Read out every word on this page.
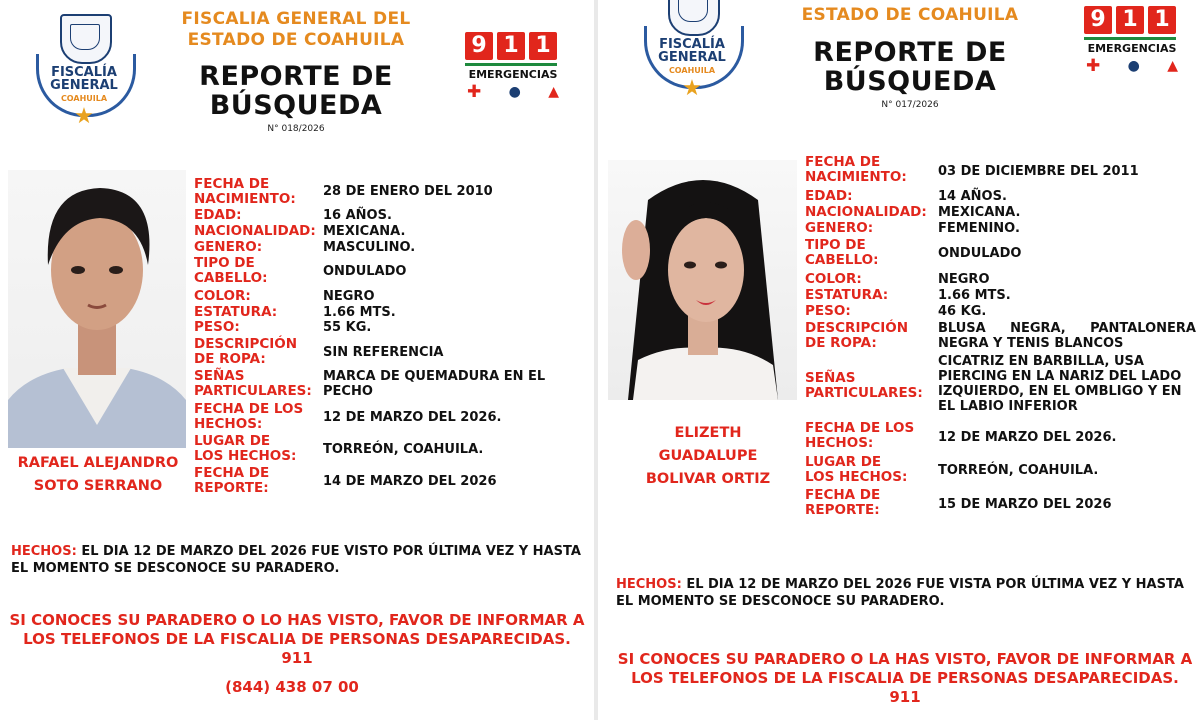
FISCALÍA
GENERAL
COAHUILA
★
FISCALIA GENERAL DEL
ESTADO DE COAHUILA
REPORTE DE
BÚSQUEDA
N° 018/2026
9 1 1
EMERGENCIAS
✚ ● ▲
RAFAEL ALEJANDRO
SOTO SERRANO
FECHA DE NACIMIENTO:	28 DE ENERO DEL 2010
EDAD:	16 AÑOS.
NACIONALIDAD: MEXICANA.
GENERO:	MASCULINO.
TIPO DE CABELLO:	ONDULADO
COLOR:	NEGRO
ESTATURA:	1.66 MTS.
PESO:	55 KG.
DESCRIPCIÓN DE ROPA:	SIN REFERENCIA
SEÑAS PARTICULARES:
MARCA DE QUEMADURA EN EL PECHO
FECHA DE LOS HECHOS:	12 DE MARZO DEL 2026.
LUGAR DE LOS HECHOS:	TORREÓN, COAHUILA.
FECHA DE REPORTE:	14 DE MARZO DEL 2026
HECHOS: EL DIA 12 DE MARZO DEL 2026 FUE VISTO POR ÚLTIMA VEZ Y HASTA EL MOMENTO SE DESCONOCE SU PARADERO.
SI CONOCES SU PARADERO O LO HAS VISTO, FAVOR DE INFORMAR A
LOS TELEFONOS DE LA FISCALIA DE PERSONAS DESAPARECIDAS.
911
(844) 438 07 00
FISCALÍA
GENERAL
COAHUILA
★
ESTADO DE COAHUILA
REPORTE DE
BÚSQUEDA
N° 017/2026
9 1 1
EMERGENCIAS
✚ ● ▲
ELIZETH
GUADALUPE
BOLIVAR ORTIZ
FECHA DE NACIMIENTO:	03 DE DICIEMBRE DEL 2011
EDAD:	14 AÑOS.
NACIONALIDAD: MEXICANA.
GENERO:	FEMENINO.
TIPO DE CABELLO:	ONDULADO
COLOR:	NEGRO
ESTATURA:	1.66 MTS.
PESO:	46 KG.
DESCRIPCIÓN DE ROPA:
BLUSA NEGRA, PANTALONERA NEGRA Y TENIS BLANCOS
SEÑAS PARTICULARES:
CICATRIZ EN BARBILLA, USA PIERCING EN LA NARIZ DEL LADO IZQUIERDO, EN EL OMBLIGO Y EN EL LABIO INFERIOR
FECHA DE LOS HECHOS:	12 DE MARZO DEL 2026.
LUGAR DE LOS HECHOS:	TORREÓN, COAHUILA.
FECHA DE REPORTE:	15 DE MARZO DEL 2026
HECHOS: EL DIA 12 DE MARZO DEL 2026 FUE VISTA POR ÚLTIMA VEZ Y HASTA EL MOMENTO SE DESCONOCE SU PARADERO.
SI CONOCES SU PARADERO O LA HAS VISTO, FAVOR DE INFORMAR A
LOS TELEFONOS DE LA FISCALIA DE PERSONAS DESAPARECIDAS.
911
